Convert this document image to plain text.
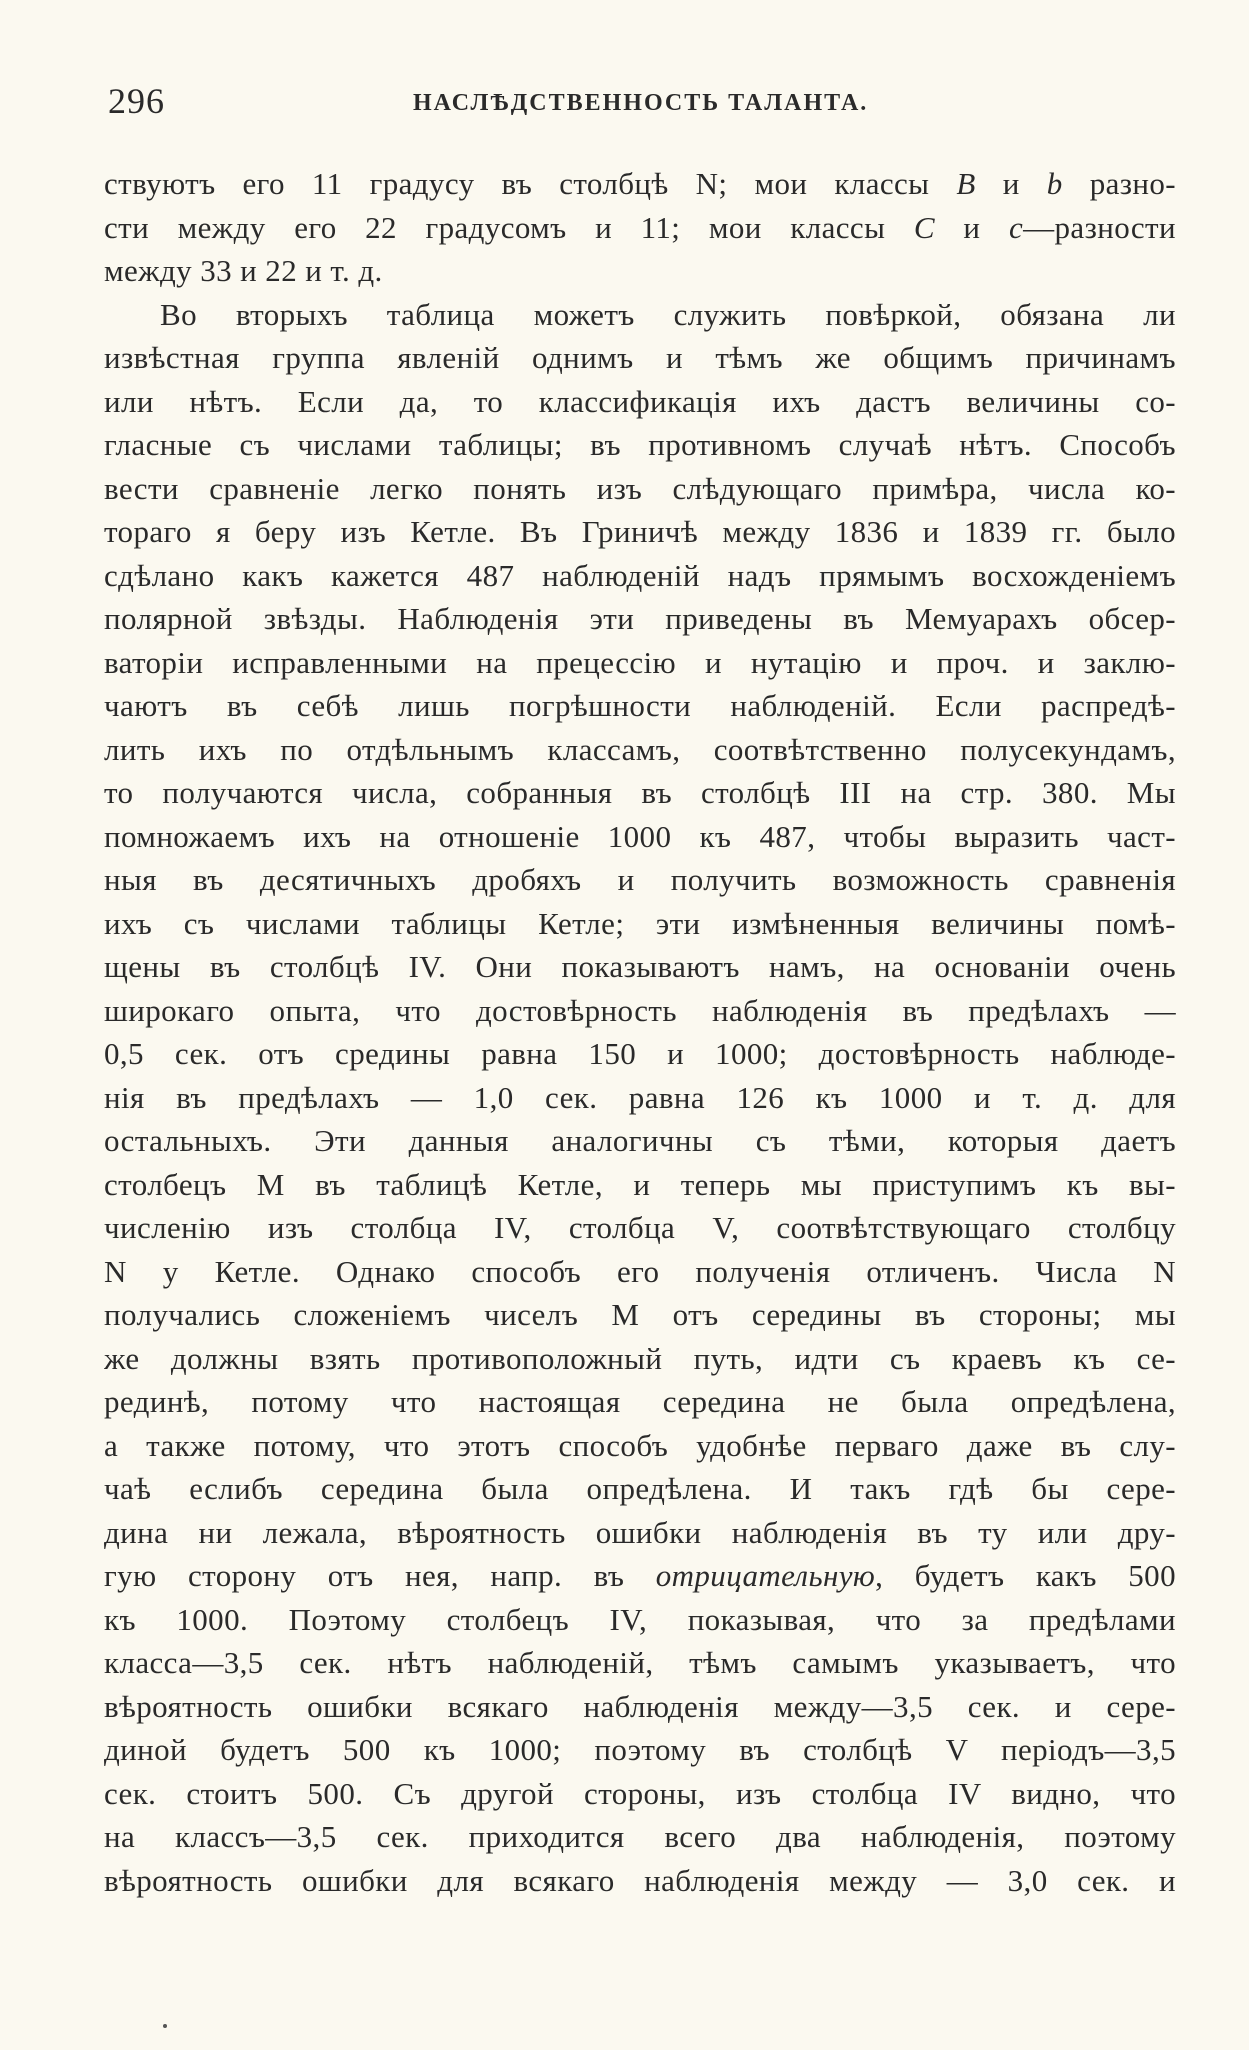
296	НАСЛѢДСТВЕННОСТЬ ТАЛАНТА.
ствуютъ его 11 градусу въ столбцѣ N; мои классы B и b разно-
сти между его 22 градусомъ и 11; мои классы C и c—разности
между 33 и 22 и т. д.
Во вторыхъ таблица можетъ служить повѣркой, обязана ли
извѣстная группа явленій однимъ и тѣмъ же общимъ причинамъ
или нѣтъ. Если да, то классификація ихъ дастъ величины со-
гласные съ числами таблицы; въ противномъ случаѣ нѣтъ. Способъ
вести сравненіе легко понять изъ слѣдующаго примѣра, числа ко-
тораго я беру изъ Кетле. Въ Гриничѣ между 1836 и 1839 гг. было
сдѣлано какъ кажется 487 наблюденій надъ прямымъ восхожденіемъ
полярной звѣзды. Наблюденія эти приведены въ Мемуарахъ обсер-
ваторіи исправленными на прецессію и нутацію и проч. и заклю-
чаютъ въ себѣ лишь погрѣшности наблюденій. Если распредѣ-
лить ихъ по отдѣльнымъ классамъ, соотвѣтственно полусекундамъ,
то получаются числа, собранныя въ столбцѣ III на стр. 380. Мы
помножаемъ ихъ на отношеніе 1000 къ 487, чтобы выразить част-
ныя въ десятичныхъ дробяхъ и получить возможность сравненія
ихъ съ числами таблицы Кетле; эти измѣненныя величины помѣ-
щены въ столбцѣ IV. Они показываютъ намъ, на основаніи очень
широкаго опыта, что достовѣрность наблюденія въ предѣлахъ —
0,5 сек. отъ средины равна 150 и 1000; достовѣрность наблюде-
нія въ предѣлахъ — 1,0 сек. равна 126 къ 1000 и т. д. для
остальныхъ. Эти данныя аналогичны съ тѣми, которыя даетъ
столбецъ M въ таблицѣ Кетле, и теперь мы приступимъ къ вы-
численію изъ столбца IV, столбца V, соотвѣтствующаго столбцу
N у Кетле. Однако способъ его полученія отличенъ. Числа N
получались сложеніемъ чиселъ M отъ середины въ стороны; мы
же должны взять противоположный путь, идти съ краевъ къ се-
рединѣ, потому что настоящая середина не была опредѣлена,
а также потому, что этотъ способъ удобнѣе перваго даже въ слу-
чаѣ еслибъ середина была опредѣлена. И такъ гдѣ бы сере-
дина ни лежала, вѣроятность ошибки наблюденія въ ту или дру-
гую сторону отъ нея, напр. въ отрицательную, будетъ какъ 500
къ 1000. Поэтому столбецъ IV, показывая, что за предѣлами
класса—3,5 сек. нѣтъ наблюденій, тѣмъ самымъ указываетъ, что
вѣроятность ошибки всякаго наблюденія между—3,5 сек. и сере-
диной будетъ 500 къ 1000; поэтому въ столбцѣ V періодъ—3,5
сек. стоитъ 500. Съ другой стороны, изъ столбца IV видно, что
на классъ—3,5 сек. приходится всего два наблюденія, поэтому
вѣроятность ошибки для всякаго наблюденія между — 3,0 сек. и
